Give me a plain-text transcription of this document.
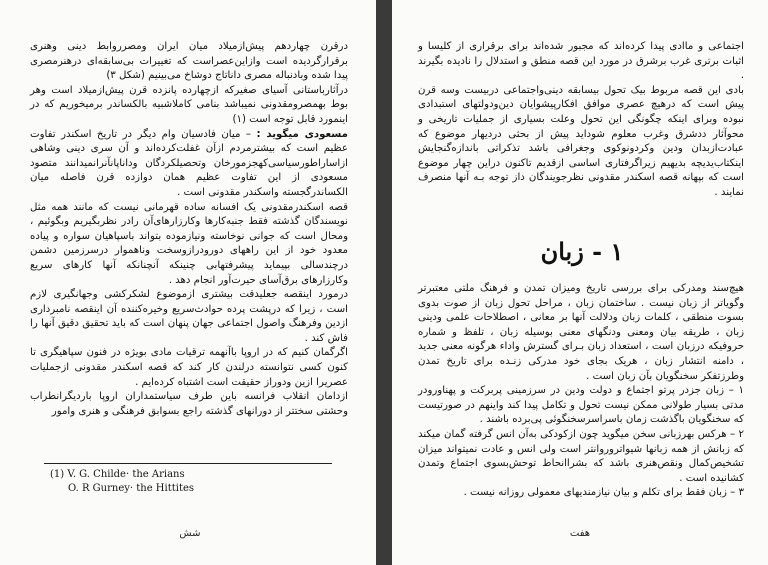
درقرن چهاردهم پیش‌ازمیلاد میان ایران ومصرروابط دینی وهنری برقرارگردیده است وازاین‌عصراست که تغییرات بی‌سابقه‌ای درهنرمصری پیدا شده وبادنباله مصری داناتاج دوشاخ می‌بینیم (شکل ۳)

درآثارباستانی آسیای صغیرکه ازچهارده پانزده قرن پیش‌ازمیلاد است وهر بوط بهمصرومقدونی نمیباشد بنامی کاملاشبیه بالکساندر برمیخوریم که در اینمورد قابل توجه است (۱)

مسعودی میگوید : – میان فادسیان وام دیگر در تاریخ اسکندر تفاوت عظیم است که بیشترمردم ازآن غفلت‌کرده‌اند و آن سری دینی وشاهی ازاساراطورسیاسی‌کهجزمورخان وتحصیلکردگان وداناپانآنرانمیدانند متصود مسعودی از این تفاوت عظیم همان دوازده قرن فاصله میان الکساندرگجسته واسکندر مقدونی است .

قصه اسکندرمقدونی یک افسانه ساده قهرمانی نیست که مانند همه مثل نویسندگان گذشته فقط جنبه‌کارها وکارزارهای‌آن رادر نظربگیریم وبگوئیم ، ومحال است که جوانی نوخاسته ونیازموده بتواند باسپاهیان سواره و پیاده معدود خود از این راههای دورودرازوسخت وناهموار درسرزمین دشمن درچندسالی بپیماید پیشرفتهابی چنینکه آنچنانکه آنها کارهای سریع وکارزارهای برق‌آسای حیرت‌آور انجام دهد .

درمورد اینقصه جعلیدقت بیشتری ازموضوع لشکرکشی وجهانگیری لازم است ، زیرا که درپشت پرده حوادث‌سریع وخیره‌کننده آن اینقصه نامبرداری ازدین وفرهنگ واصول اجتماعی جهان پنهان است که باید تحقیق دقیق آنها را فاش کند .

اگرگمان کنیم که در اروپا باآنهمه ترقیات مادی بویژه در فنون سپاهیگری تا کنون کسی نتوانسته درلندن کار کند که قصه اسکندر مقدونی ازجملیات عصریرا ازین ودوراز حقیقت است اشتباه کرده‌ایم .

ازدامان انقلاب فرانسه باین طرف سیاستمداران اروپا باردیگرانطراب وحشتی سختتر از دورانهای گذشته راجع بسوابق فرهنگی و هنری وامور

(1) V. G. Childe· the Arians
O. R Gurney· the Hittites
شش

اجتماعی و ماادی پیدا کرده‌اند که مجبور شده‌اند برای برقراری از کلیسا و اثبات برتری غرب برشرق در مورد این قصه منطق و استدلال را نادیده بگیرند .

بادی این قصه مربوط بیک تحول بیسابقه دینی‌واجتماعی دربیست وسه قرن پیش است که درهیچ عصری موافق افکارپیشوایان دین‌ودولتهای استبدادی نبوده وبرای اینکه چگونگی این تحول وعلت بسیاری از جملیات تاریخی و محوآثار ددشرق وغرب معلوم شوداید پیش از بحثی دردیهار موضوع که عبادت‌ازبدان ودین وکردونوکوی وجغرافی باشد تذکراتی باندازه‌گنجایش اینکتاب‌یدیچه بدیهیم زیراگرفتاری اساسی ازقدیم تاکنون دراین چهار موضوع است که بپهانه قصه اسکندر مقدونی نظرجویندگان داز توجه بـه آنها منصرف نمایند .

۱ - زبان

هیچ‌سند ومدرکی برای بررسی تاریخ ومیزان تمدن و فرهنگ ملتی معتبرتر وگویاتر از زبان نیست . ساختمان زبان ، مراحل تحول زبان از صوت بدوی بسوت منطقی ، کلمات زبان ودلالت آنها بر معانی ، اصطلاحات علمی ودینی زبان ، طریقه بیان ومعنی ودنگهای معنی بوسیله زبان ، تلفظ و شماره حروفیکه درزبان است ، استعداد زبان بـرای گسترش واداء هرگونه معنی جدید ، دامنه انتشار زبان ، هریک بجای خود مدرکی زنـده برای تاریخ تمدن وطرزتفکر سخنگویان بآن زبان است .

۱ – زبان جزدر پرتو اجتماع و دولت ودین در سرزمینی پربرکت و پهناورودر مدتی بسیار طولانی ممکن نیست تحول و تکامل پیدا کند واینهم در صورتیست که سخنگویان باگذشت زمان باسراسرسخنگوئی پی‌برده باشند .

۲ – هرکس بهرزبانی سخن میگوید چون ازکودکی به‌آن انس گرفته گمان میکند که زبانش از همه زبانها شیواتروروانتر است ولی انس و عادت نمیتواند میزان تشخیص‌کمال ونقص‌هنری باشد که بشراانحاط توحش‌بسوی اجتماع وتمدن کشانیده است .

۳ – زبان فقط برای تکلم و بیان نیازمندیهای معمولی روزانه نیست .

هفت
